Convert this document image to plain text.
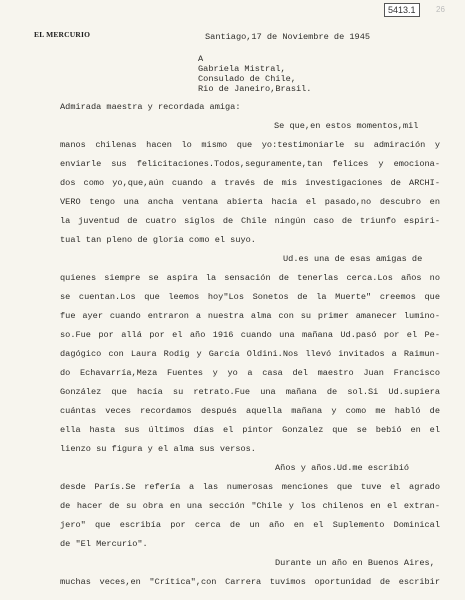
EL MERCURIO
5413.1	26
Santiago,17 de Noviembre de 1945
A
Gabriela Mistral,
Consulado de Chile,
Rio de Janeiro,Brasil.
Admirada maestra y recordada amiga:
Se que,en estos momentos,mil
manos chilenas hacen lo mismo que yo:testimoniarle su admiración y
enviarle sus felicitaciones.Todos,seguramente,tan felices y emociona-
dos como yo,que,aún cuando a través de mis investigaciones de ARCHI-
VERO tengo una ancha ventana abierta hacia el pasado,no descubro en
la juventud de cuatro siglos de Chile ningún caso de triunfo espiri-
tual tan pleno de gloria como el suyo.
Ud.es una de esas amigas de
quienes siempre se aspira la sensación de tenerlas cerca.Los años no
se cuentan.Los que leemos hoy"Los Sonetos de la Muerte" creemos que
fue ayer cuando entraron a nuestra alma con su primer amanecer lumino-
so.Fue por allá por el año 1916 cuando una mañana Ud.pasó por el Pe-
dagógico con Laura Rodig y García Oldini.Nos llevó invitados a Raimun-
do Echavarría,Meza Fuentes y yo a casa del maestro Juan Francisco
González que hacía su retrato.Fue una mañana de sol.Si Ud.supiera
cuántas veces recordamos después aquella mañana y como me habló de
ella hasta sus últimos días el pintor Gonzalez que se bebió en el
lienzo su figura y el alma sus versos.
Años y años.Ud.me escribió
desde París.Se refería a las numerosas menciones que tuve el agrado
de hacer de su obra en una sección "Chile y los chilenos en el extran-
jero" que escribía por cerca de un año en el Suplemento Dominical
de "El Mercurio".
Durante un año en Buenos Aires,
muchas veces,en "Crítica",con Carrera tuvimos oportunidad de escribir
